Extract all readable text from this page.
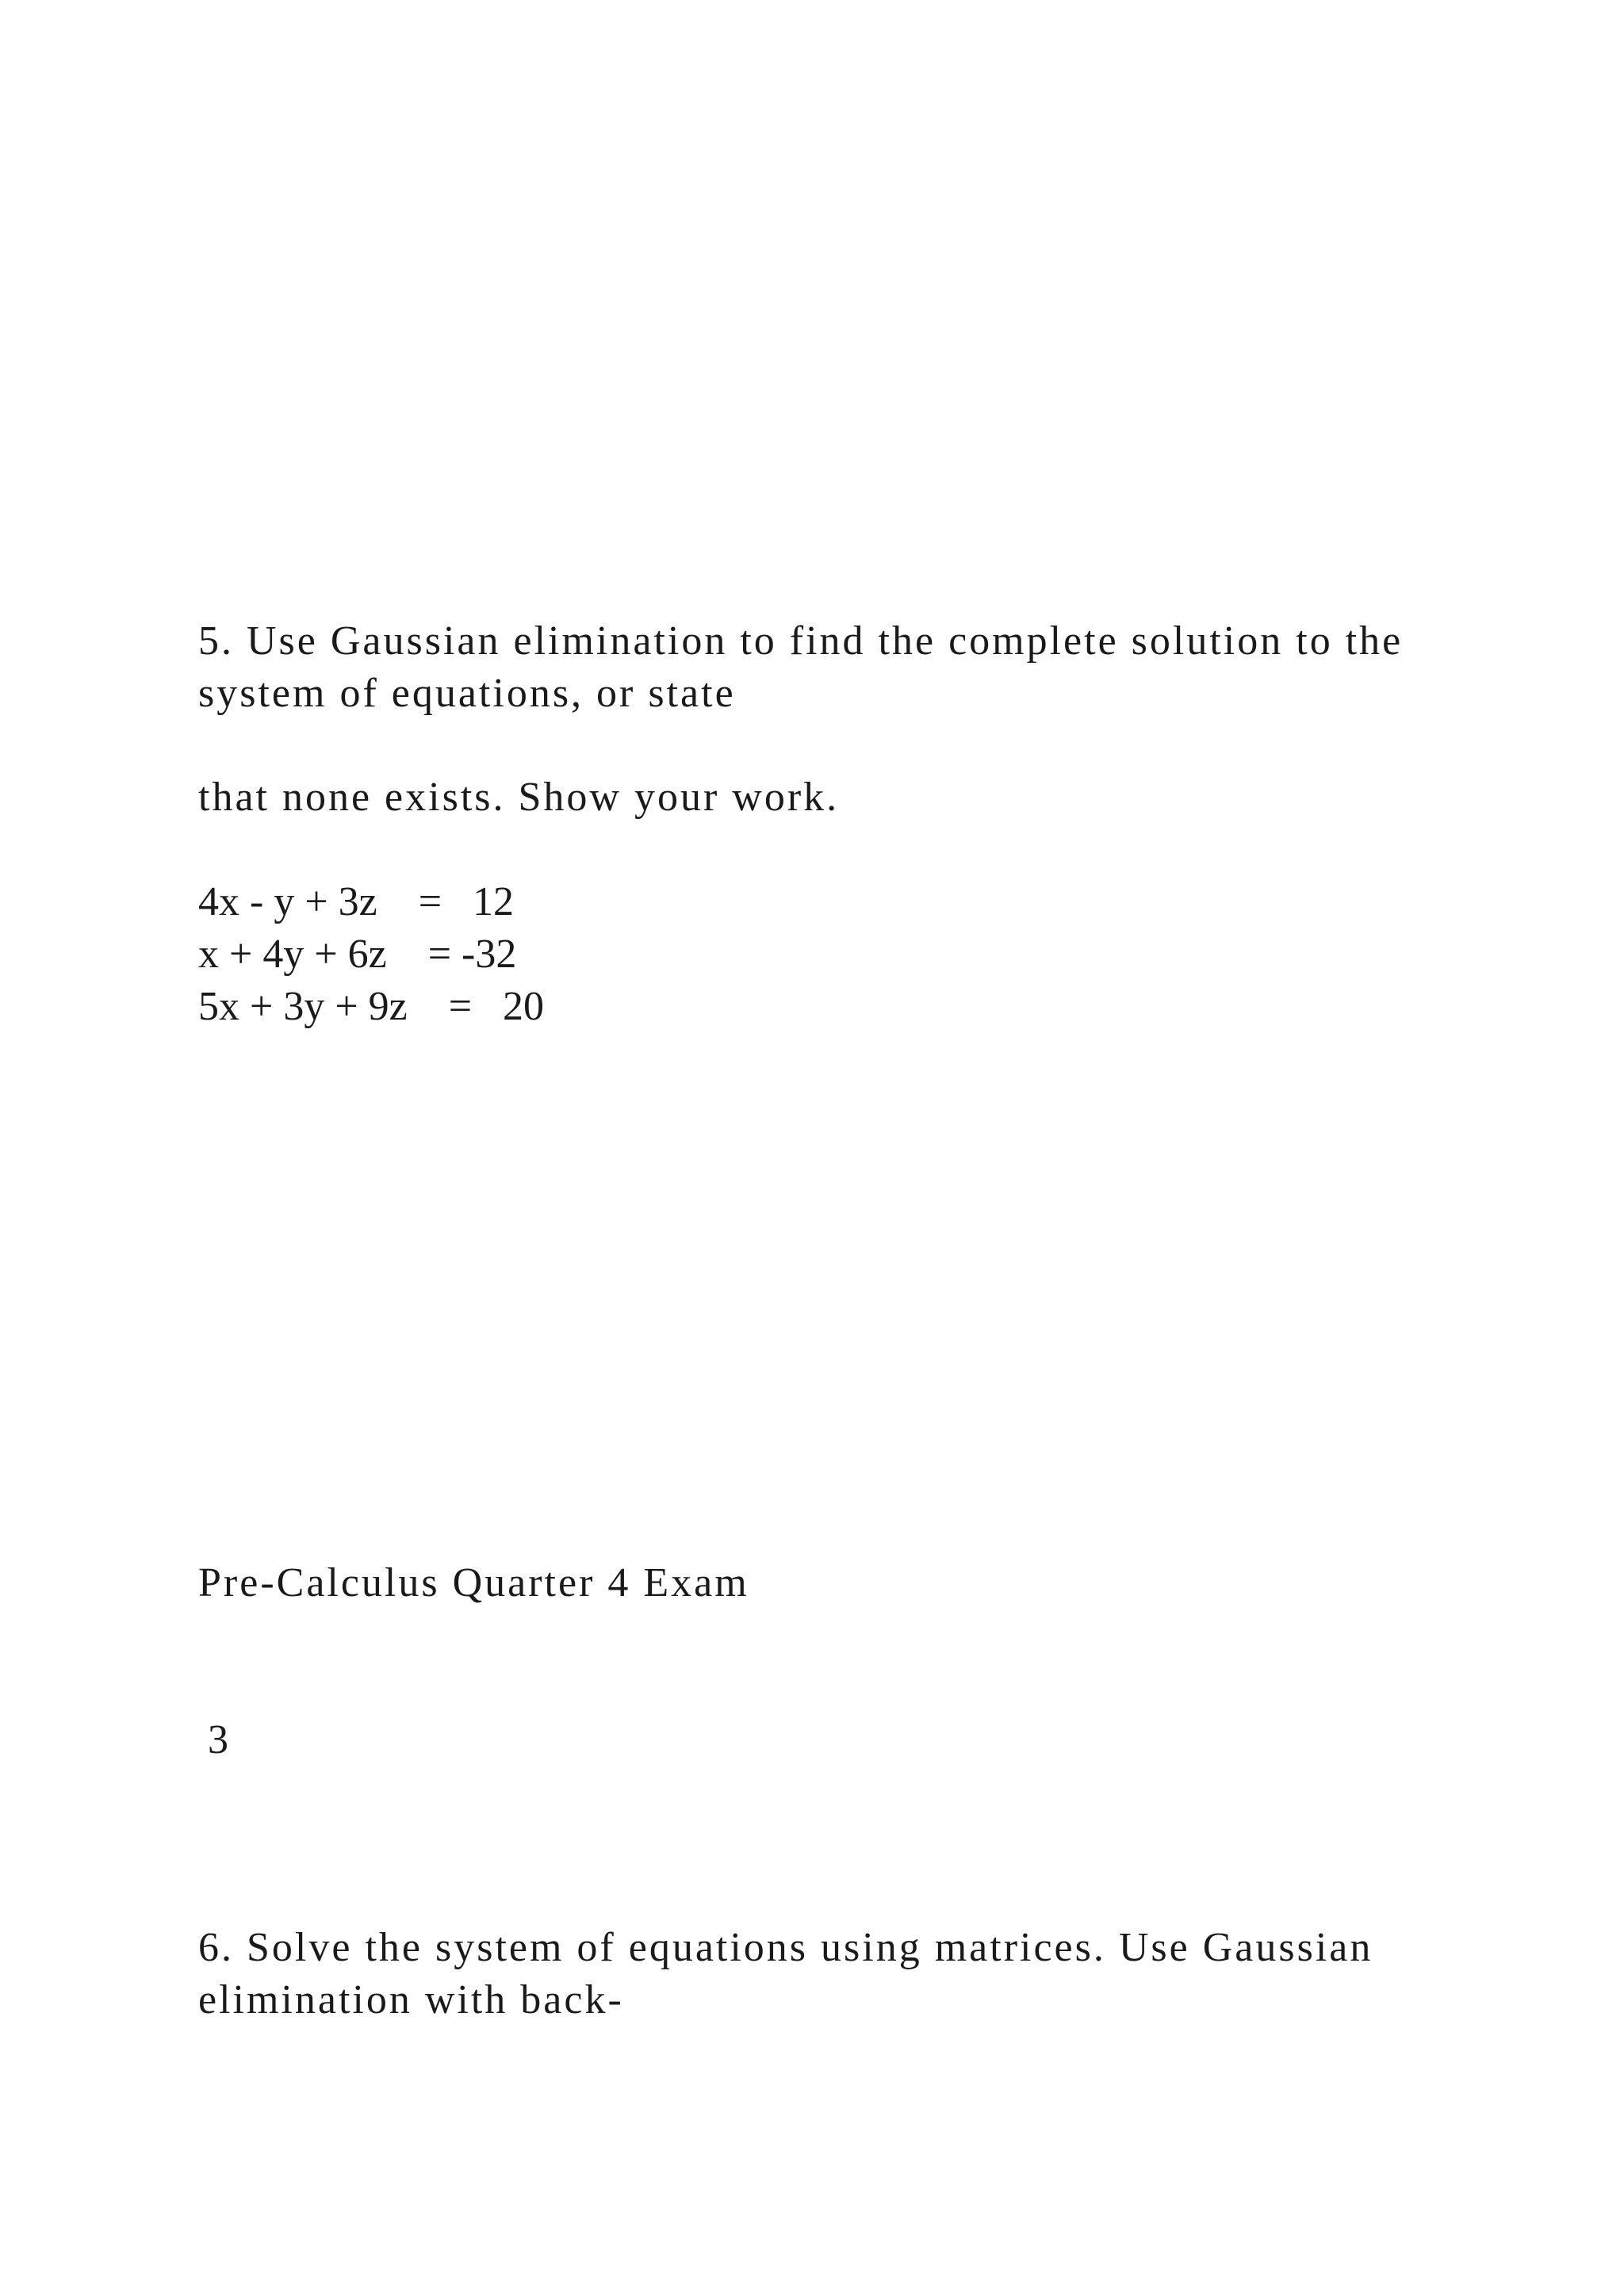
5. Use Gaussian elimination to find the complete solution to the
system of equations, or state
that none exists. Show your work.
4x - y + 3z    =   12
x + 4y + 6z    = -32
5x + 3y + 9z    =   20
Pre-Calculus Quarter 4 Exam
3
6. Solve the system of equations using matrices. Use Gaussian
elimination with back-
